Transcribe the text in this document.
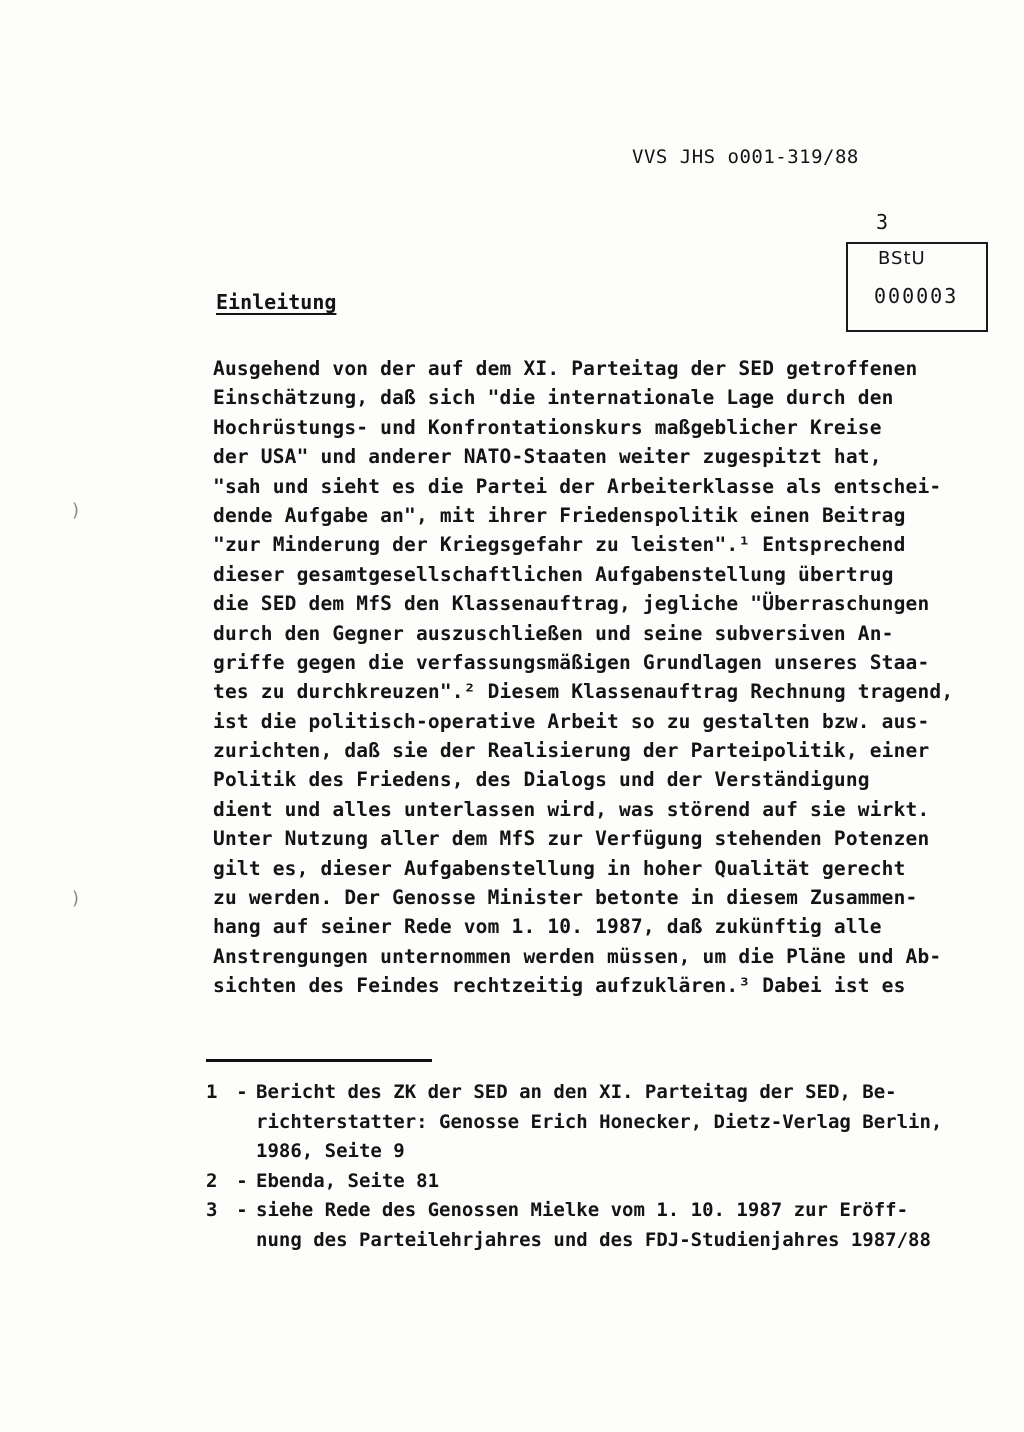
VVS JHS o001-319/88
3
BStU
000003
Einleitung
Ausgehend von der auf dem XI. Parteitag der SED getroffenen
Einschätzung, daß sich "die internationale Lage durch den
Hochrüstungs- und Konfrontationskurs maßgeblicher Kreise
der USA" und anderer NATO-Staaten weiter zugespitzt hat,
"sah und sieht es die Partei der Arbeiterklasse als entschei-
dende Aufgabe an", mit ihrer Friedenspolitik einen Beitrag
"zur Minderung der Kriegsgefahr zu leisten".¹ Entsprechend
dieser gesamtgesellschaftlichen Aufgabenstellung übertrug
die SED dem MfS den Klassenauftrag, jegliche "Überraschungen
durch den Gegner auszuschließen und seine subversiven An-
griffe gegen die verfassungsmäßigen Grundlagen unseres Staa-
tes zu durchkreuzen".² Diesem Klassenauftrag Rechnung tragend,
ist die politisch-operative Arbeit so zu gestalten bzw. aus-
zurichten, daß sie der Realisierung der Parteipolitik, einer
Politik des Friedens, des Dialogs und der Verständigung
dient und alles unterlassen wird, was störend auf sie wirkt.
Unter Nutzung aller dem MfS zur Verfügung stehenden Potenzen
gilt es, dieser Aufgabenstellung in hoher Qualität gerecht
zu werden. Der Genosse Minister betonte in diesem Zusammen-
hang auf seiner Rede vom 1. 10. 1987, daß zukünftig alle
Anstrengungen unternommen werden müssen, um die Pläne und Ab-
sichten des Feindes rechtzeitig aufzuklären.³ Dabei ist es
1 - Bericht des ZK der SED an den XI. Parteitag der SED, Be-
richterstatter: Genosse Erich Honecker, Dietz-Verlag Berlin,
1986, Seite 9
2 - Ebenda, Seite 81
3 - siehe Rede des Genossen Mielke vom 1. 10. 1987 zur Eröff-
nung des Parteilehrjahres und des FDJ-Studienjahres 1987/88
)
)
